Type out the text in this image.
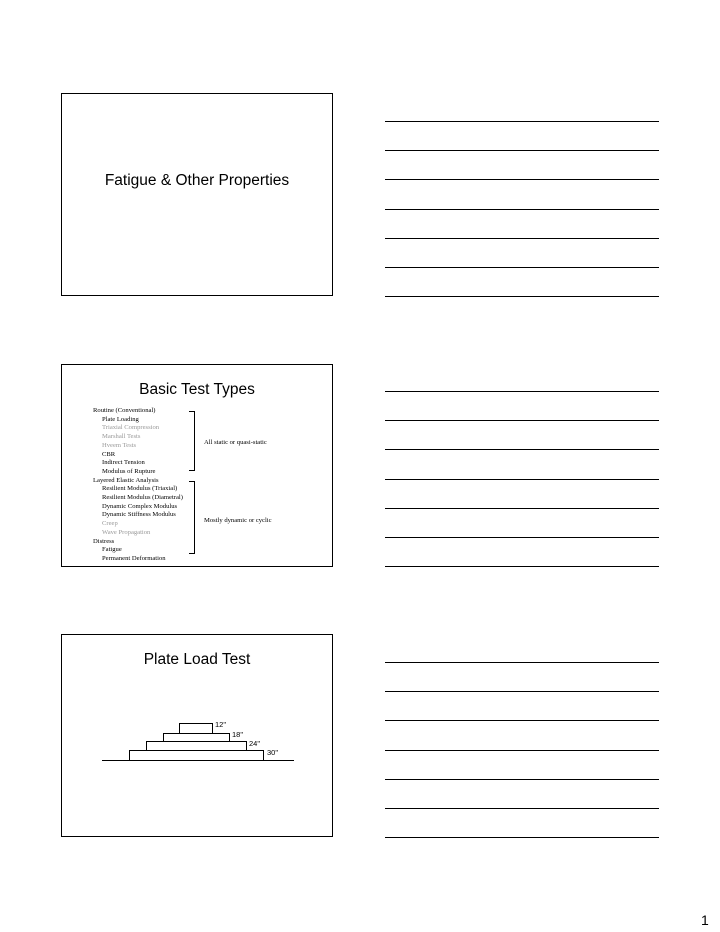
Fatigue & Other Properties
Basic Test Types
Routine (Conventional)
Plate Loading
Triaxial Compression
Marshall Tests
Hveem Tests
CBR
Indirect Tension
Modulus of Rupture
Layered Elastic Analysis
Resilient Modulus (Triaxial)
Resilient Modulus (Diametral)
Dynamic Complex Modulus
Dynamic Stiffness Modulus
Creep
Wave Propagation
Distress
Fatigue
Permanent Deformation
All static or quasi-static
Mostly dynamic or cyclic
Plate Load Test
12"
18"
24"
30"
1
